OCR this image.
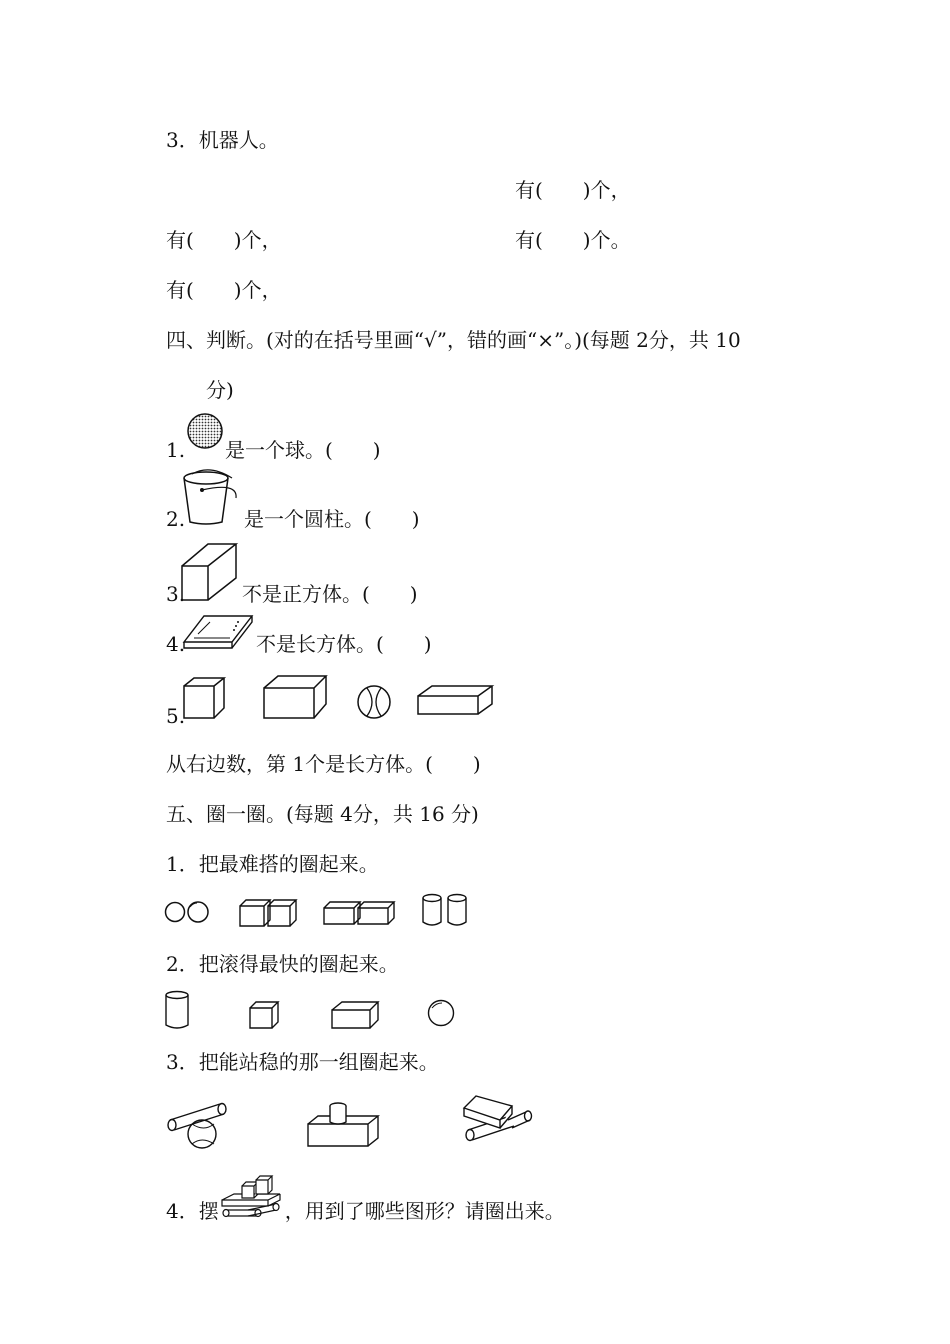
3．机器人。
有(　　)个，
有(　　)个，	有(　　)个。
有(　　)个，
四、判断。(对的在括号里画“√”，错的画“×”。)(每题 2分，共 10
分)
1. 是一个球。(　　)
2.	是一个圆柱。(　　)
3.	不是正方体。(　　)
4.	不是长方体。(　　)
5.
从右边数，第 1个是长方体。(　　)
五、圈一圈。(每题 4分，共 16 分)
1．把最难搭的圈起来。
2．把滚得最快的圈起来。
3．把能站稳的那一组圈起来。
4．摆	，用到了哪些图形？请圈出来。
